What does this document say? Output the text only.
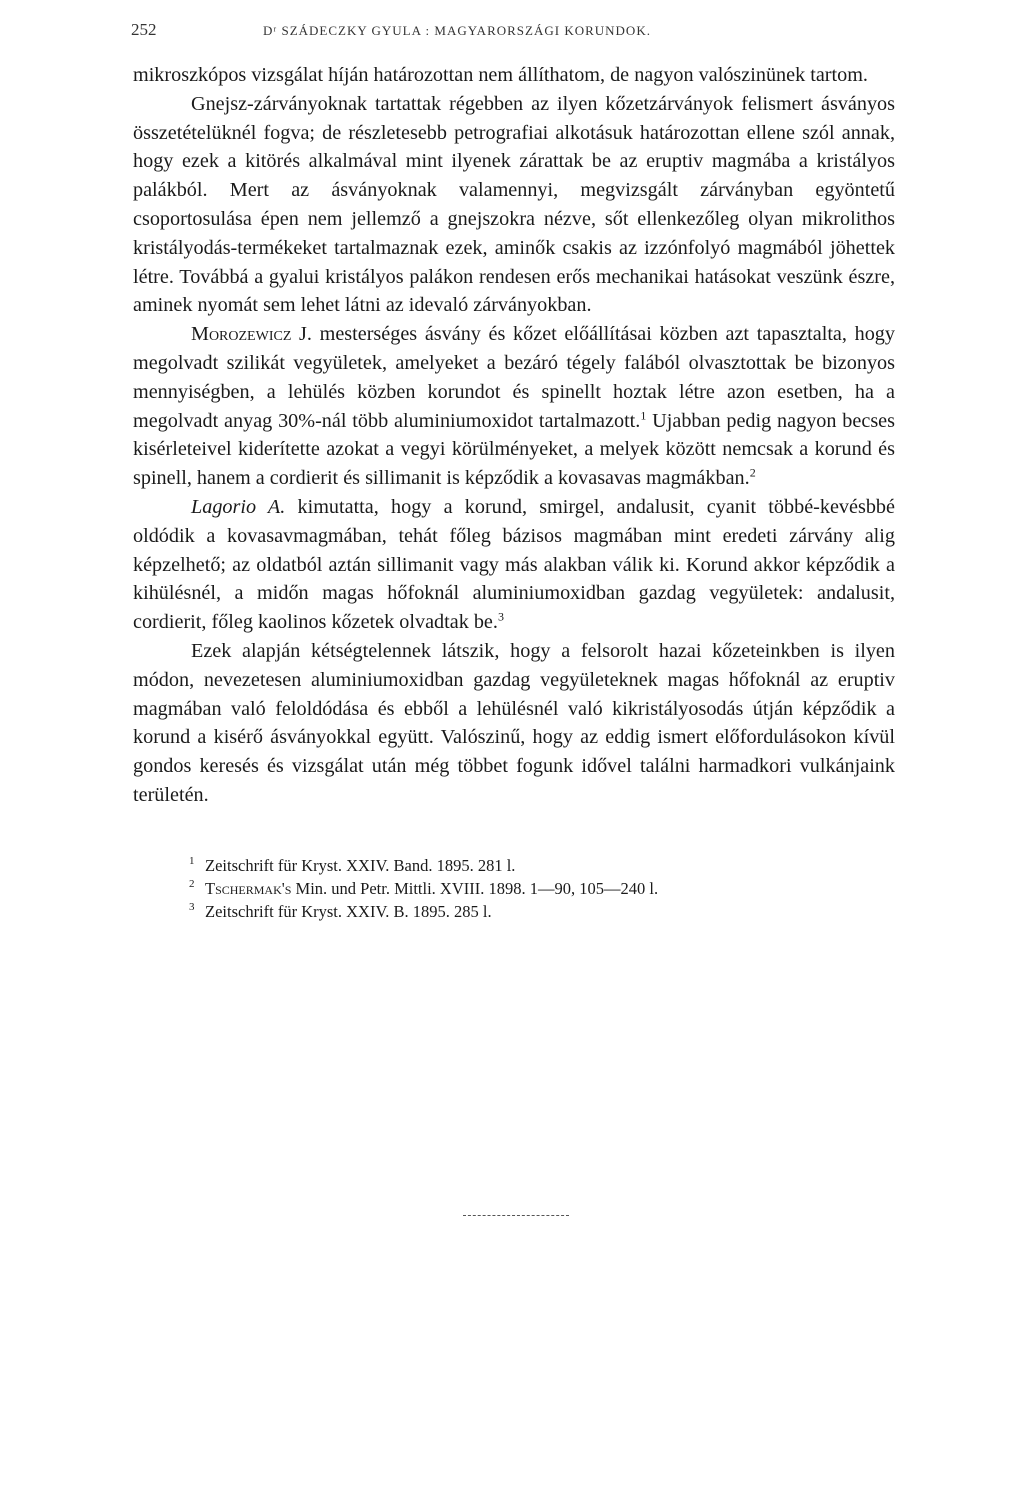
252	Dʳ SZÁDECZKY GYULA : MAGYARORSZÁGI KORUNDOK.

mikroszkópos vizsgálat híján határozottan nem állíthatom, de nagyon valószinünek tartom.

Gnejsz-zárványoknak tartattak régebben az ilyen kőzetzárványok felismert ásványos összetételüknél fogva; de részletesebb petrografiai alkotásuk határozottan ellene szól annak, hogy ezek a kitörés alkalmával mint ilyenek zárattak be az eruptiv magmába a kristályos palákból. Mert az ásványoknak valamennyi, megvizsgált zárványban egyöntetű csoportosulása épen nem jellemző a gnejszokra nézve, sőt ellenkezőleg olyan mikrolithos kristályodás-termékeket tartalmaznak ezek, aminők csakis az izzónfolyó magmából jöhettek létre. Továbbá a gyalui kristályos palákon rendesen erős mechanikai hatásokat veszünk észre, aminek nyomát sem lehet látni az idevaló zárványokban.

Morozewicz J. mesterséges ásvány és kőzet előállításai közben azt tapasztalta, hogy megolvadt szilikát vegyületek, amelyeket a bezáró tégely falából olvasztottak be bizonyos mennyiségben, a lehülés közben korundot és spinellt hoztak létre azon esetben, ha a megolvadt anyag 30%-nál több aluminiumoxidot tartalmazott.$^1$ Ujabban pedig nagyon becses kisérleteivel kiderítette azokat a vegyi körülményeket, a melyek között nemcsak a korund és spinell, hanem a cordierit és sillimanit is képződik a kovasavas magmákban.$^2$

Lagorio A. kimutatta, hogy a korund, smirgel, andalusit, cyanit többé-kevésbbé oldódik a kovasavmagmában, tehát főleg bázisos magmában mint eredeti zárvány alig képzelhető; az oldatból aztán sillimanit vagy más alakban válik ki. Korund akkor képződik a kihülésnél, a midőn magas hőfoknál aluminiumoxidban gazdag vegyületek: andalusit, cordierit, főleg kaolinos kőzetek olvadtak be.$^3$

Ezek alapján kétségtelennek látszik, hogy a felsorolt hazai kőzeteinkben is ilyen módon, nevezetesen aluminiumoxidban gazdag vegyületeknek magas hőfoknál az eruptiv magmában való feloldódása és ebből a lehülésnél való kikristályosodás útján képződik a korund a kisérő ásványokkal együtt. Valószinű, hogy az eddig ismert előfordulásokon kívül gondos keresés és vizsgálat után még többet fogunk idővel találni harmadkori vulkánjaink területén.

1 Zeitschrift für Kryst. XXIV. Band. 1895. 281 l.
2 Tschermak's Min. und Petr. Mittli. XVIII. 1898. 1—90, 105—240 l.
3 Zeitschrift für Kryst. XXIV. B. 1895. 285 l.
